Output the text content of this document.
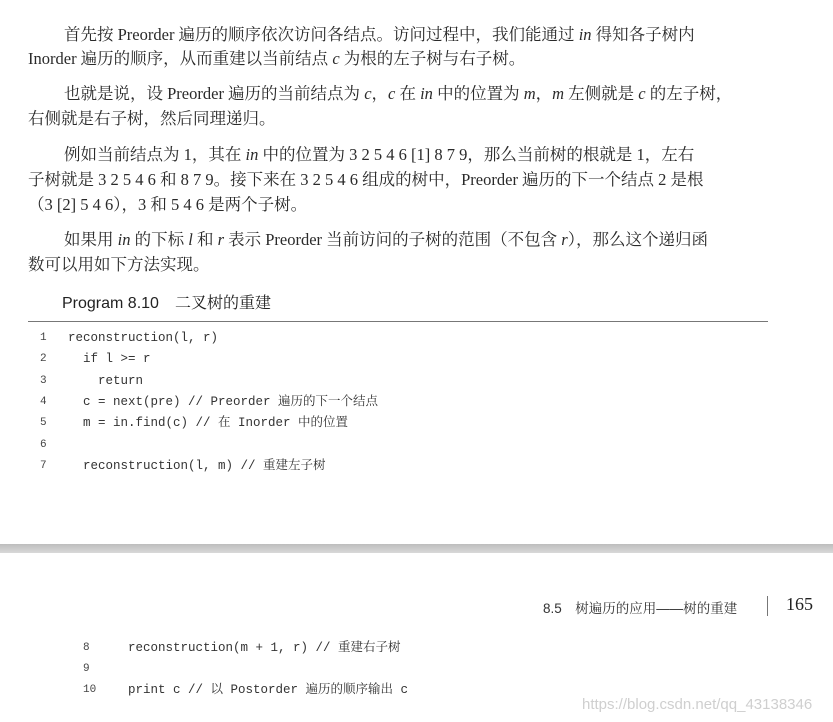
首先按 Preorder 遍历的顺序依次访问各结点。访问过程中，我们能通过 in 得知各子树内
Inorder 遍历的顺序，从而重建以当前结点 c 为根的左子树与右子树。
也就是说，设 Preorder 遍历的当前结点为 c，c 在 in 中的位置为 m，m 左侧就是 c 的左子树，
右侧就是右子树，然后同理递归。
例如当前结点为 1，其在 in 中的位置为 3 2 5 4 6 [1] 8 7 9，那么当前树的根就是 1，左右
子树就是 3 2 5 4 6 和 8 7 9。接下来在 3 2 5 4 6 组成的树中，Preorder 遍历的下一个结点 2 是根
（3 [2] 5 4 6），3 和 5 4 6 是两个子树。
如果用 in 的下标 l 和 r 表示 Preorder 当前访问的子树的范围（不包含 r），那么这个递归函
数可以用如下方法实现。
Program 8.10　二叉树的重建
1 reconstruction(l, r)
2 if l >= r
3 return
4 c = next(pre) // Preorder 遍历的下一个结点
5 m = in.find(c) // 在 Inorder 中的位置
6
7 reconstruction(l, m) // 重建左子树
8.5　树遍历的应用——树的重建	165
8	reconstruction(m + 1, r) // 重建右子树
9
10	print c // 以 Postorder 遍历的顺序输出 c
https://blog.csdn.net/qq_43138346
